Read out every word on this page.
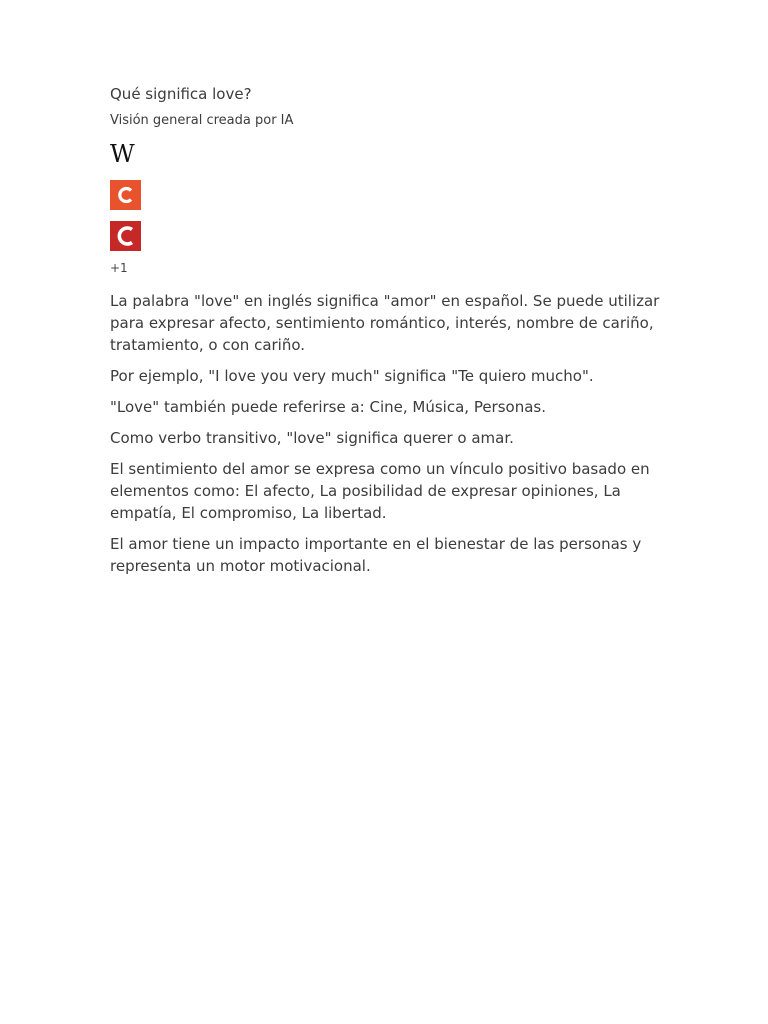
Qué significa love?

Visión general creada por IA

W
+1

La palabra "love" en inglés significa "amor" en español. Se puede utilizar para expresar afecto, sentimiento romántico, interés, nombre de cariño, tratamiento, o con cariño.

Por ejemplo, "I love you very much" significa "Te quiero mucho".

"Love" también puede referirse a: Cine, Música, Personas.

Como verbo transitivo, "love" significa querer o amar.

El sentimiento del amor se expresa como un vínculo positivo basado en elementos como: El afecto, La posibilidad de expresar opiniones, La empatía, El compromiso, La libertad.

El amor tiene un impacto importante en el bienestar de las personas y representa un motor motivacional.
